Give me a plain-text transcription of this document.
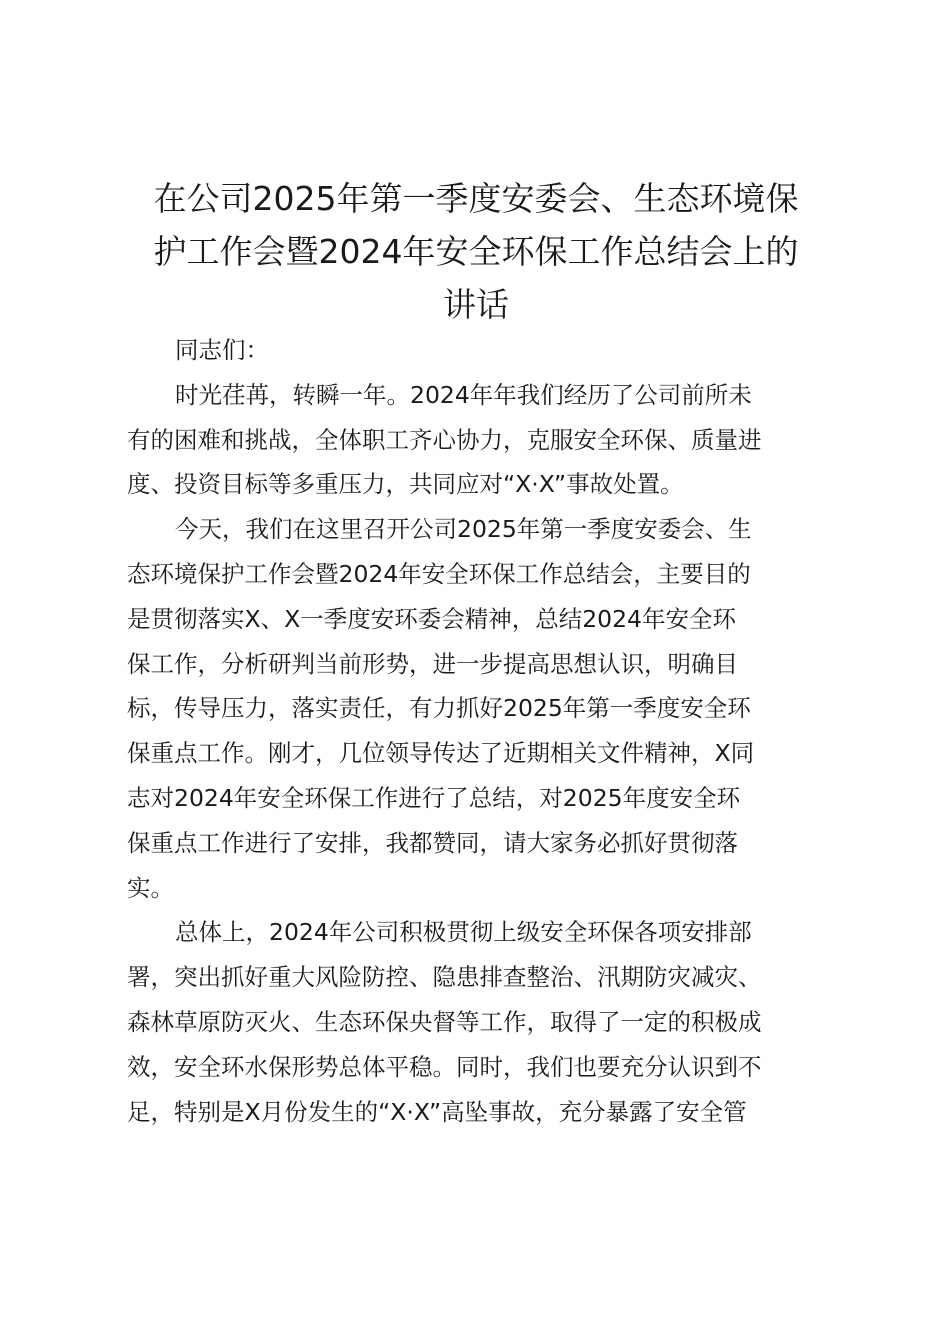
在公司2025年第一季度安委会、生态环境保
护工作会暨2024年安全环保工作总结会上的
讲话
同志们：
时光荏苒，转瞬一年。2024年年我们经历了公司前所未
有的困难和挑战，全体职工齐心协力，克服安全环保、质量进
度、投资目标等多重压力，共同应对“X·X”事故处置。
今天，我们在这里召开公司2025年第一季度安委会、生
态环境保护工作会暨2024年安全环保工作总结会，主要目的
是贯彻落实X、X一季度安环委会精神，总结2024年安全环
保工作，分析研判当前形势，进一步提高思想认识，明确目
标，传导压力，落实责任，有力抓好2025年第一季度安全环
保重点工作。刚才，几位领导传达了近期相关文件精神，X同
志对2024年安全环保工作进行了总结，对2025年度安全环
保重点工作进行了安排，我都赞同，请大家务必抓好贯彻落
实。
总体上，2024年公司积极贯彻上级安全环保各项安排部
署，突出抓好重大风险防控、隐患排查整治、汛期防灾减灾、
森林草原防灭火、生态环保央督等工作，取得了一定的积极成
效，安全环水保形势总体平稳。同时，我们也要充分认识到不
足，特别是X月份发生的“X·X”高坠事故，充分暴露了安全管
